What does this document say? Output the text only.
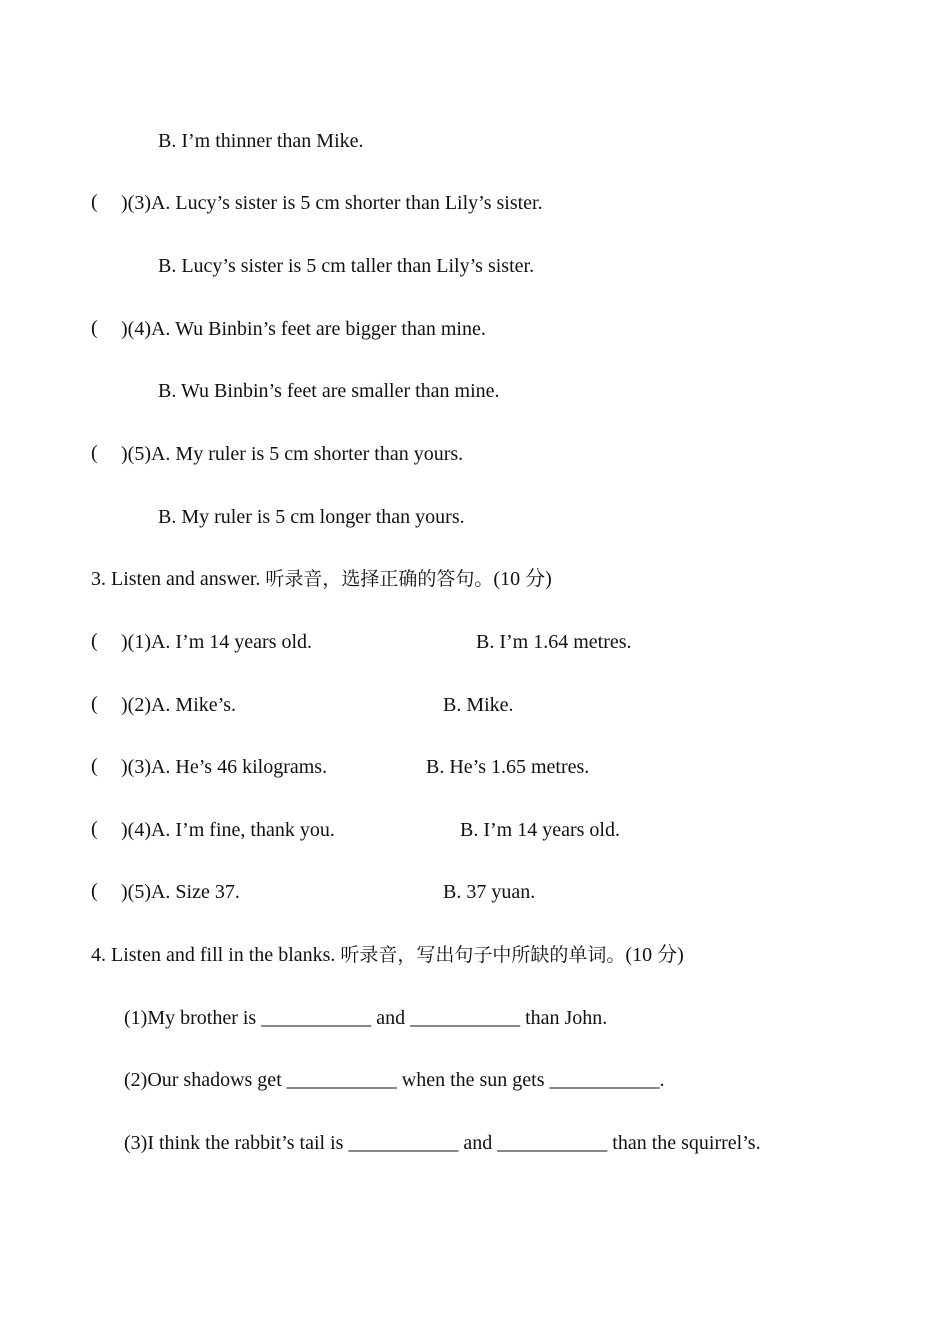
B. I’m thinner than Mike.
( )(3)A. Lucy’s sister is 5 cm shorter than Lily’s sister.
B. Lucy’s sister is 5 cm taller than Lily’s sister.
( )(4)A. Wu Binbin’s feet are bigger than mine.
B. Wu Binbin’s feet are smaller than mine.
( )(5)A. My ruler is 5 cm shorter than yours.
B. My ruler is 5 cm longer than yours.
3. Listen and answer. 听录音，选择正确的答句。(10 分)
( )(1)A. I’m 14 years old.	B. I’m 1.64 metres.
( )(2)A. Mike’s.	B. Mike.
( )(3)A. He’s 46 kilograms.	B. He’s 1.65 metres.
( )(4)A. I’m fine, thank you.	B. I’m 14 years old.
( )(5)A. Size 37.	B. 37 yuan.
4. Listen and fill in the blanks. 听录音，写出句子中所缺的单词。(10 分)
(1)My brother is ___________ and ___________ than John.
(2)Our shadows get ___________ when the sun gets ___________.
(3)I think the rabbit’s tail is ___________ and ___________ than the squirrel’s.
